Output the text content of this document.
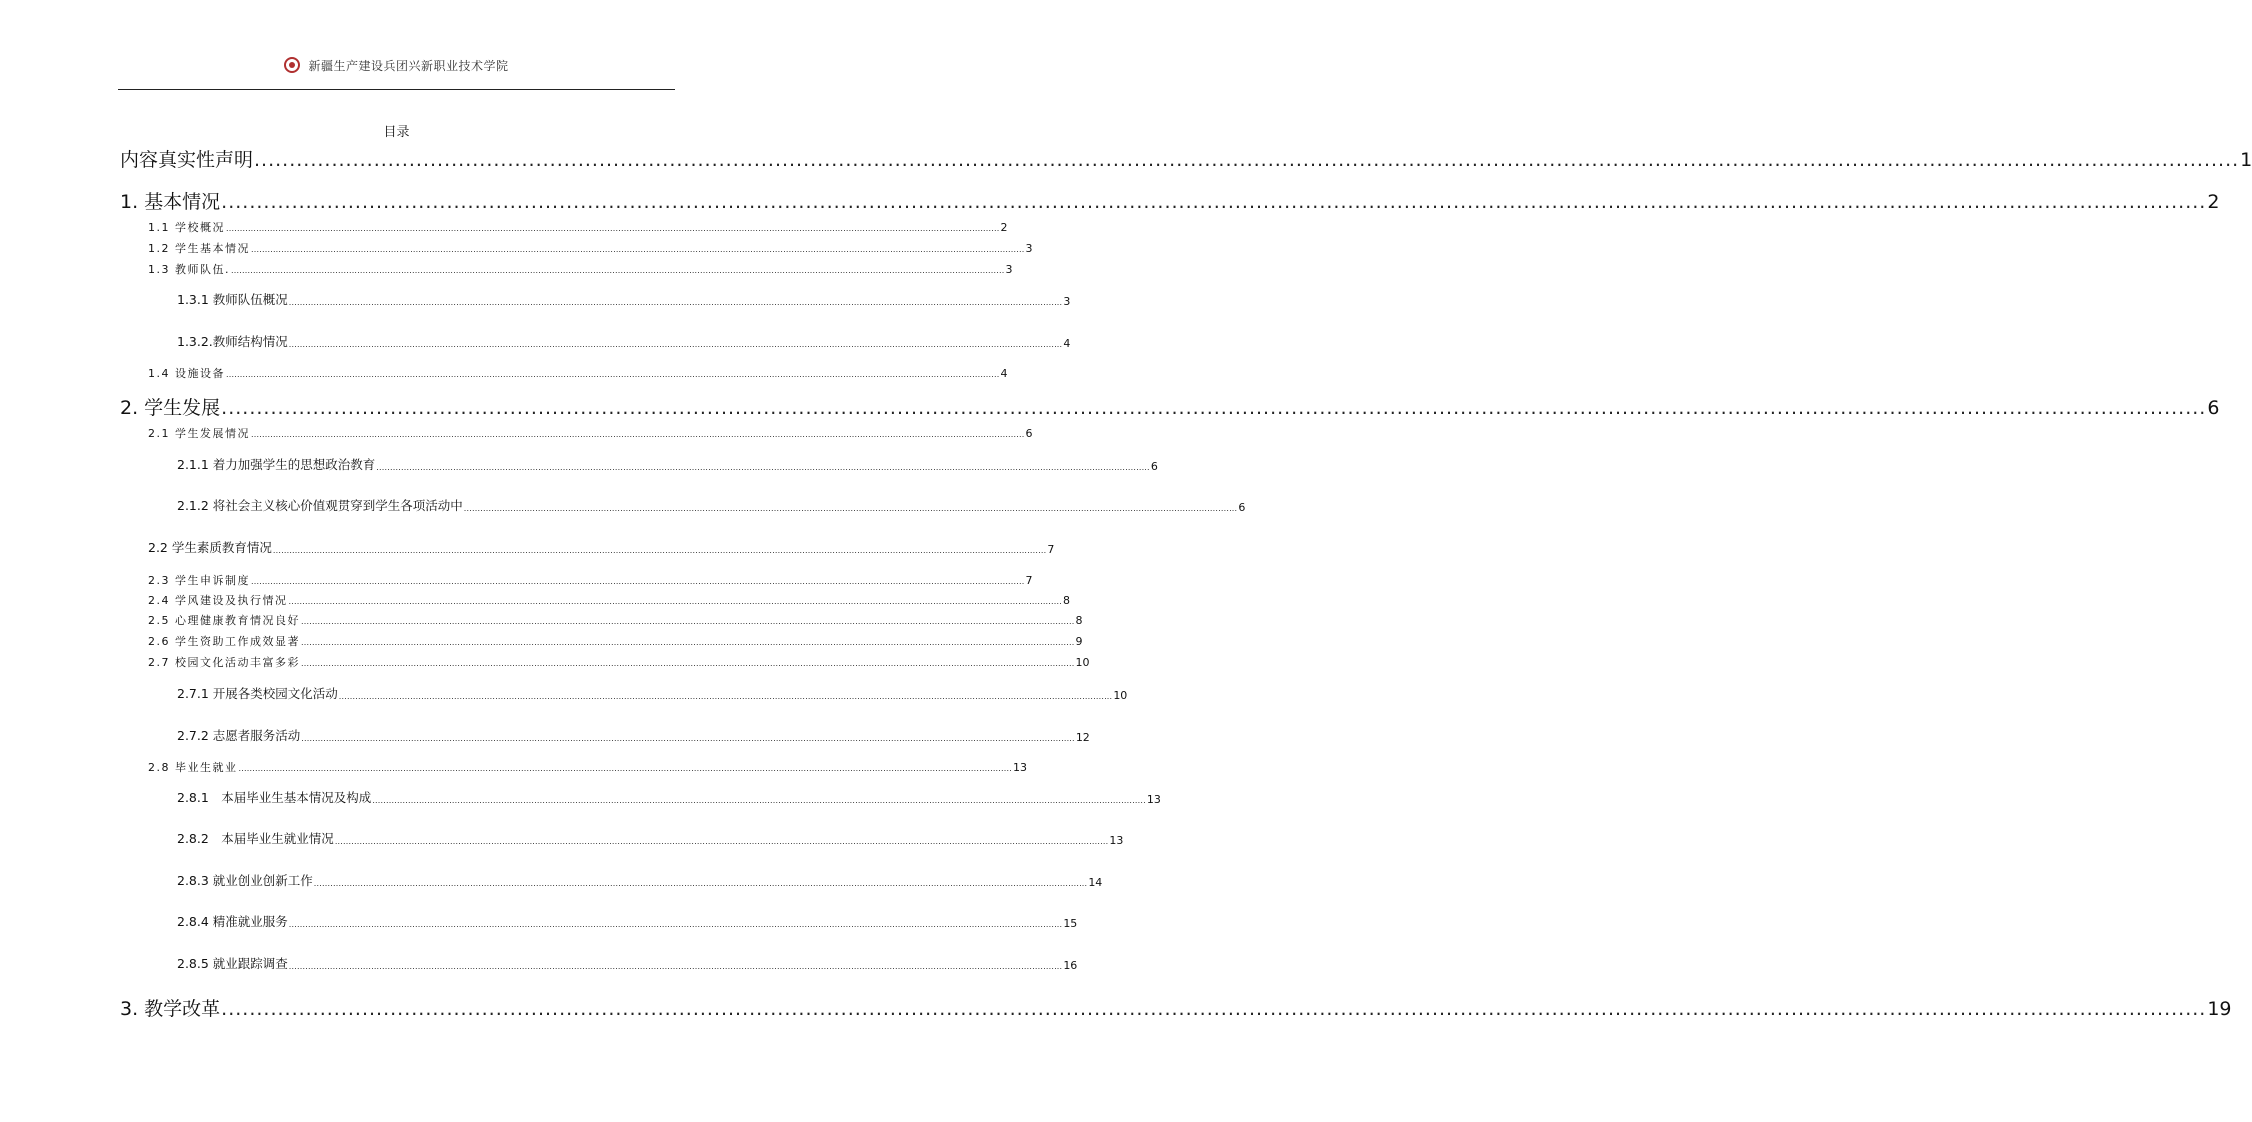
新疆生产建设兵团兴新职业技术学院
目录
内容真实性声明 .......................................................................................................................................................................................................................................................................................... 1
1. 基本情况 .......................................................................................................................................................................................................................................................................................... 2
1.1 学校概况 .......................................................................................................................................................................................................................................................................................... 2
1.2 学生基本情况 .......................................................................................................................................................................................................................................................................................... 3
1.3 教师队伍. .......................................................................................................................................................................................................................................................................................... 3
1.3.1 教师队伍概况 .......................................................................................................................................................................................................................................................................................... 3
1.3.2.教师结构情况 .......................................................................................................................................................................................................................................................................................... 4
1.4 设施设备 .......................................................................................................................................................................................................................................................................................... 4
2. 学生发展 .......................................................................................................................................................................................................................................................................................... 6
2.1 学生发展情况 .......................................................................................................................................................................................................................................................................................... 6
2.1.1 着力加强学生的思想政治教育 .......................................................................................................................................................................................................................................................................................... 6
2.1.2 将社会主义核心价值观贯穿到学生各项活动中 .......................................................................................................................................................................................................................................................................................... 6
2.2 学生素质教育情况 .......................................................................................................................................................................................................................................................................................... 7
2.3 学生申诉制度 .......................................................................................................................................................................................................................................................................................... 7
2.4 学风建设及执行情况 .......................................................................................................................................................................................................................................................................................... 8
2.5 心理健康教育情况良好 .......................................................................................................................................................................................................................................................................................... 8
2.6 学生资助工作成效显著 .......................................................................................................................................................................................................................................................................................... 9
2.7 校园文化活动丰富多彩 .......................................................................................................................................................................................................................................................................................... 10
2.7.1 开展各类校园文化活动 .......................................................................................................................................................................................................................................................................................... 10
2.7.2 志愿者服务活动 .......................................................................................................................................................................................................................................................................................... 12
2.8 毕业生就业 .......................................................................................................................................................................................................................................................................................... 13
2.8.1　本届毕业生基本情况及构成 .......................................................................................................................................................................................................................................................................................... 13
2.8.2　本届毕业生就业情况 .......................................................................................................................................................................................................................................................................................... 13
2.8.3 就业创业创新工作 .......................................................................................................................................................................................................................................................................................... 14
2.8.4 精准就业服务 .......................................................................................................................................................................................................................................................................................... 15
2.8.5 就业跟踪调查 .......................................................................................................................................................................................................................................................................................... 16
3. 教学改革 .......................................................................................................................................................................................................................................................................................... 19
